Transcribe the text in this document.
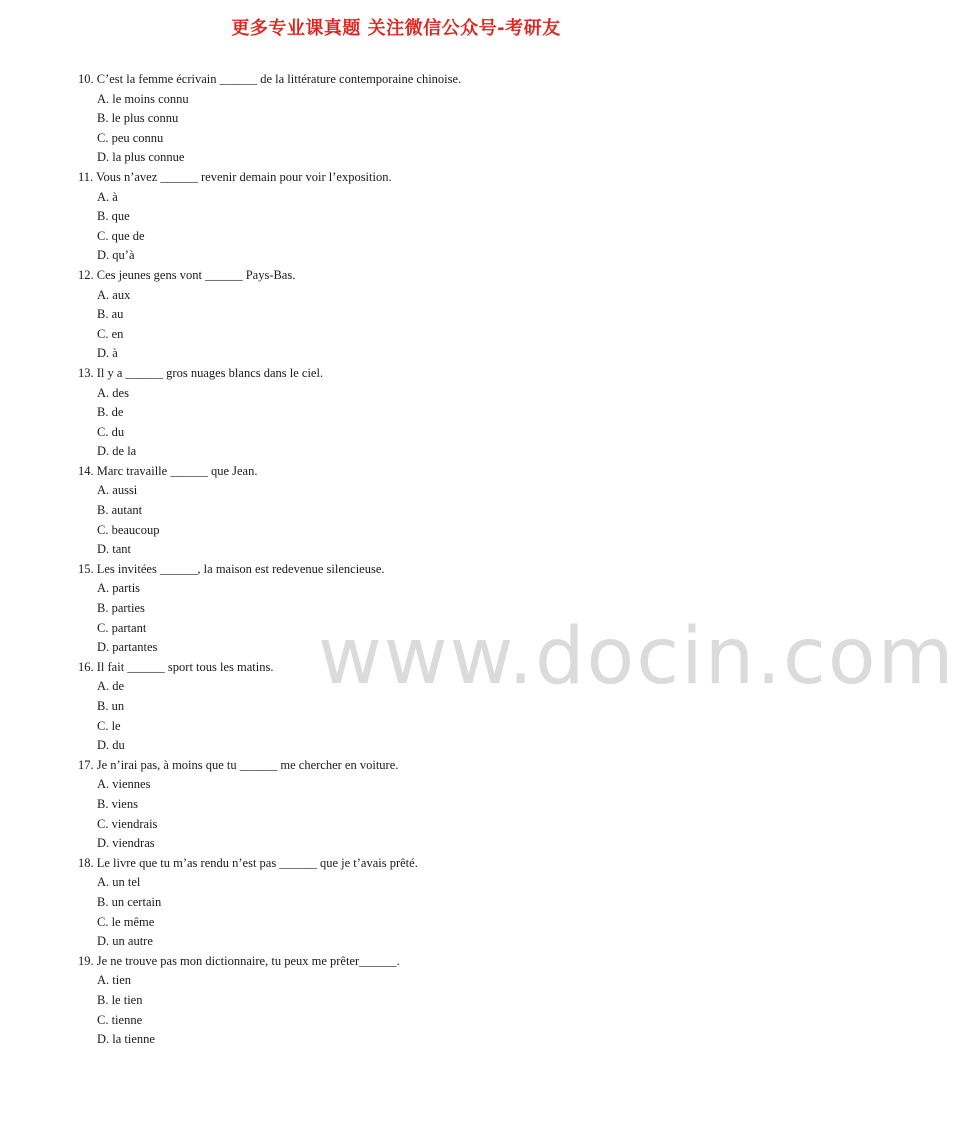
更多专业课真题 关注微信公众号-考研友
10. C’est la femme écrivain ______ de la littérature contemporaine chinoise.
A. le moins connu
B. le plus connu
C. peu connu
D. la plus connue
11. Vous n’avez ______ revenir demain pour voir l’exposition.
A. à
B. que
C. que de
D. qu’à
12. Ces jeunes gens vont ______ Pays-Bas.
A. aux
B. au
C. en
D. à
13. Il y a ______ gros nuages blancs dans le ciel.
A. des
B. de
C. du
D. de la
14. Marc travaille ______ que Jean.
A. aussi
B. autant
C. beaucoup
D. tant
15. Les invitées ______, la maison est redevenue silencieuse.
A. partis
B. parties
C. partant
D. partantes
16. Il fait ______ sport tous les matins.
A. de
B. un
C. le
D. du
17. Je n’irai pas, à moins que tu ______ me chercher en voiture.
A. viennes
B. viens
C. viendrais
D. viendras
18. Le livre que tu m’as rendu n’est pas ______ que je t’avais prêté.
A. un tel
B. un certain
C. le même
D. un autre
19. Je ne trouve pas mon dictionnaire, tu peux me prêter______.
A. tien
B. le tien
C. tienne
D. la tienne
www.docin.com
